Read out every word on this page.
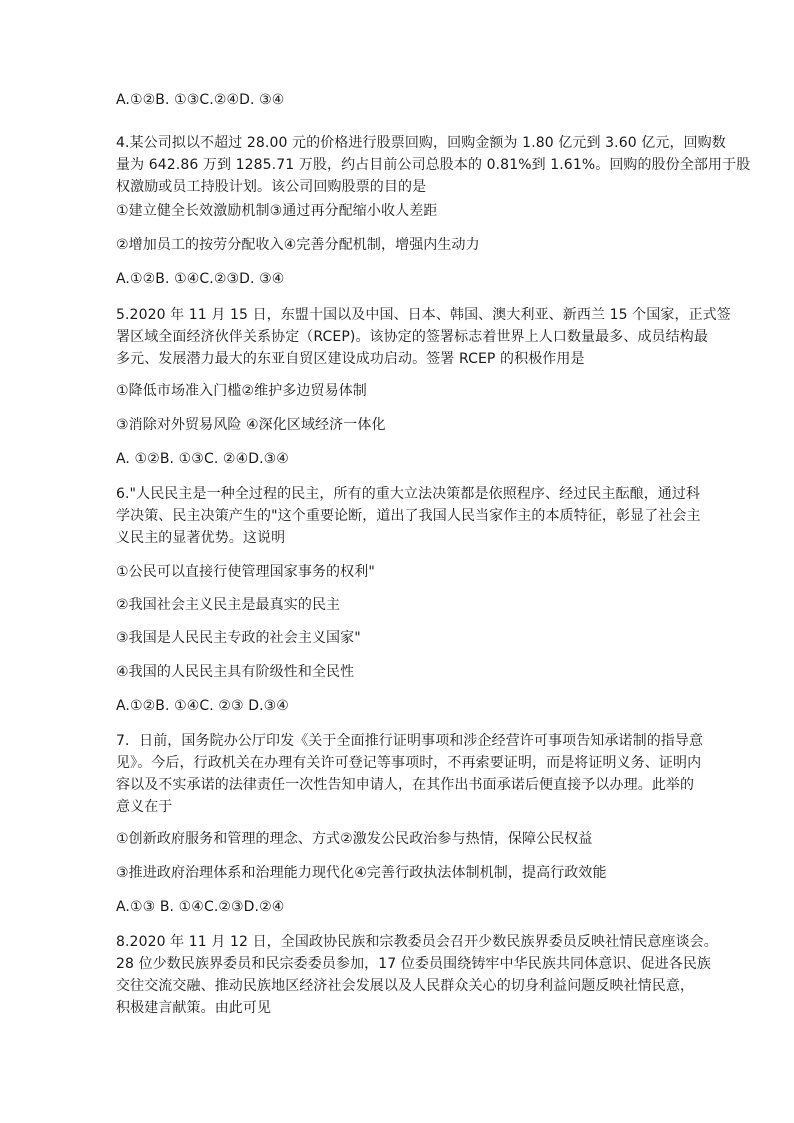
A.①②B. ①③C.②④D. ③④
4.某公司拟以不超过 28.00 元的价格进行股票回购，回购金额为 1.80 亿元到 3.60 亿元，回购数
量为 642.86 万到 1285.71 万股，约占目前公司总股本的 0.81%到 1.61%。回购的股份全部用于股
权激励或员工持股计划。该公司回购股票的目的是
①建立健全长效激励机制③通过再分配缩小收人差距
②增加员工的按劳分配收入④完善分配机制，增强内生动力
A.①②B. ①④C.②③D. ③④
5.2020 年 11 月 15 日，东盟十国以及中国、日本、韩国、澳大利亚、新西兰 15 个国家，正式签
署区域全面经济伙伴关系协定（RCEP)。该协定的签署标志着世界上人口数量最多、成员结构最
多元、发展潜力最大的东亚自贸区建设成功启动。签署 RCEP 的积极作用是
①降低市场准入门槛②维护多边贸易体制
③消除对外贸易风险 ④深化区域经济一体化
A. ①②B. ①③C. ②④D.③④
6."人民民主是一种全过程的民主，所有的重大立法决策都是依照程序、经过民主酝酿，通过科
学决策、民主决策产生的"这个重要论断，道出了我国人民当家作主的本质特征，彰显了社会主
义民主的显著优势。这说明
①公民可以直接行使管理国家事务的权利"
②我国社会主义民主是最真实的民主
③我国是人民民主专政的社会主义国家"
④我国的人民民主具有阶级性和全民性
A.①②B. ①④C. ②③ D.③④
7．日前，国务院办公厅印发《关于全面推行证明事项和涉企经营许可事项告知承诺制的指导意
见》。今后，行政机关在办理有关许可登记等事项时，不再索要证明，而是将证明义务、证明内
容以及不实承诺的法律责任一次性告知申请人，在其作出书面承诺后便直接予以办理。此举的
意义在于
①创新政府服务和管理的理念、方式②激发公民政治参与热情，保障公民权益
③推进政府治理体系和治理能力现代化④完善行政执法体制机制，提高行政效能
A.①③ B. ①④C.②③D.②④
8.2020 年 11 月 12 日，全国政协民族和宗教委员会召开少数民族界委员反映社情民意座谈会。
28 位少数民族界委员和民宗委委员参加，17 位委员围绕铸牢中华民族共同体意识、促进各民族
交往交流交融、推动民族地区经济社会发展以及人民群众关心的切身利益问题反映社情民意，
积极建言献策。由此可见
